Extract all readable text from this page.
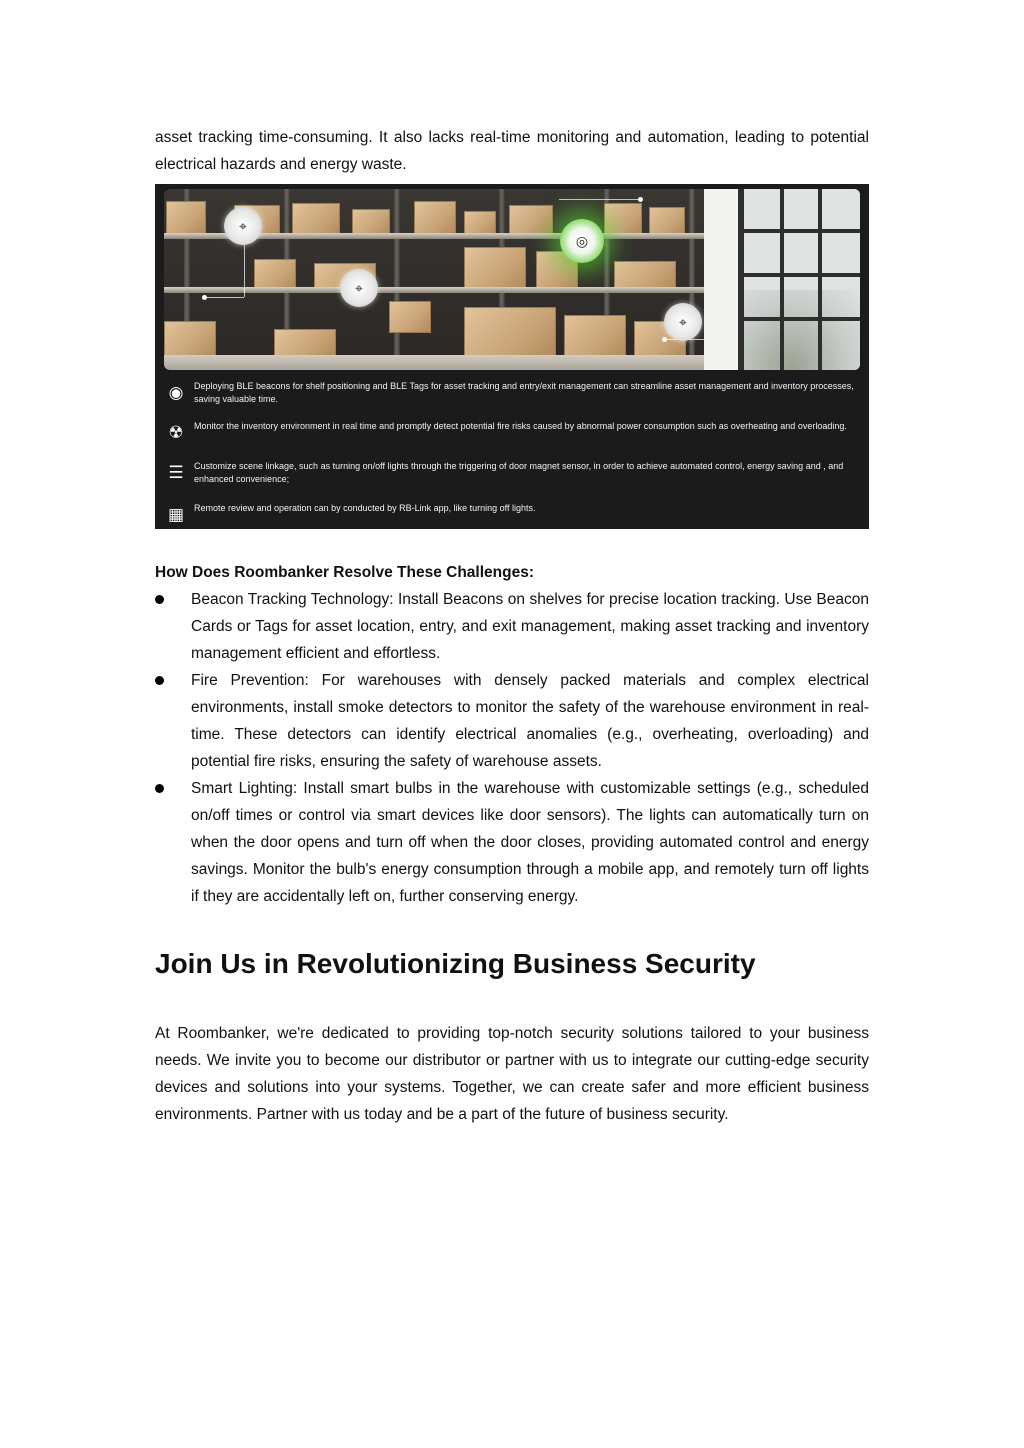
asset tracking time-consuming. It also lacks real-time monitoring and automation, leading to potential electrical hazards and energy waste.

⌖
⌖
◎
⌖
◉	Deploying BLE beacons for shelf positioning and BLE Tags for asset tracking and entry/exit management can streamline asset management and inventory processes, saving valuable time.
☢	Monitor the inventory environment in real time and promptly detect potential fire risks caused by abnormal power consumption such as overheating and overloading.
☰	Customize scene linkage, such as turning on/off lights through the triggering of door magnet sensor, in order to achieve automated control, energy saving and , and enhanced convenience;
▦	Remote review and operation can by conducted by RB-Link app, like turning off lights.

How Does Roombanker Resolve These Challenges:

Beacon Tracking Technology: Install Beacons on shelves for precise location tracking. Use Beacon Cards or Tags for asset location, entry, and exit management, making asset tracking and inventory management efficient and effortless.
Fire Prevention: For warehouses with densely packed materials and complex electrical environments, install smoke detectors to monitor the safety of the warehouse environment in real-time. These detectors can identify electrical anomalies (e.g., overheating, overloading) and potential fire risks, ensuring the safety of warehouse assets.
Smart Lighting: Install smart bulbs in the warehouse with customizable settings (e.g., scheduled on/off times or control via smart devices like door sensors). The lights can automatically turn on when the door opens and turn off when the door closes, providing automated control and energy savings. Monitor the bulb's energy consumption through a mobile app, and remotely turn off lights if they are accidentally left on, further conserving energy.
Join Us in Revolutionizing Business Security

At Roombanker, we're dedicated to providing top-notch security solutions tailored to your business needs. We invite you to become our distributor or partner with us to integrate our cutting-edge security devices and solutions into your systems. Together, we can create safer and more efficient business environments. Partner with us today and be a part of the future of business security.
